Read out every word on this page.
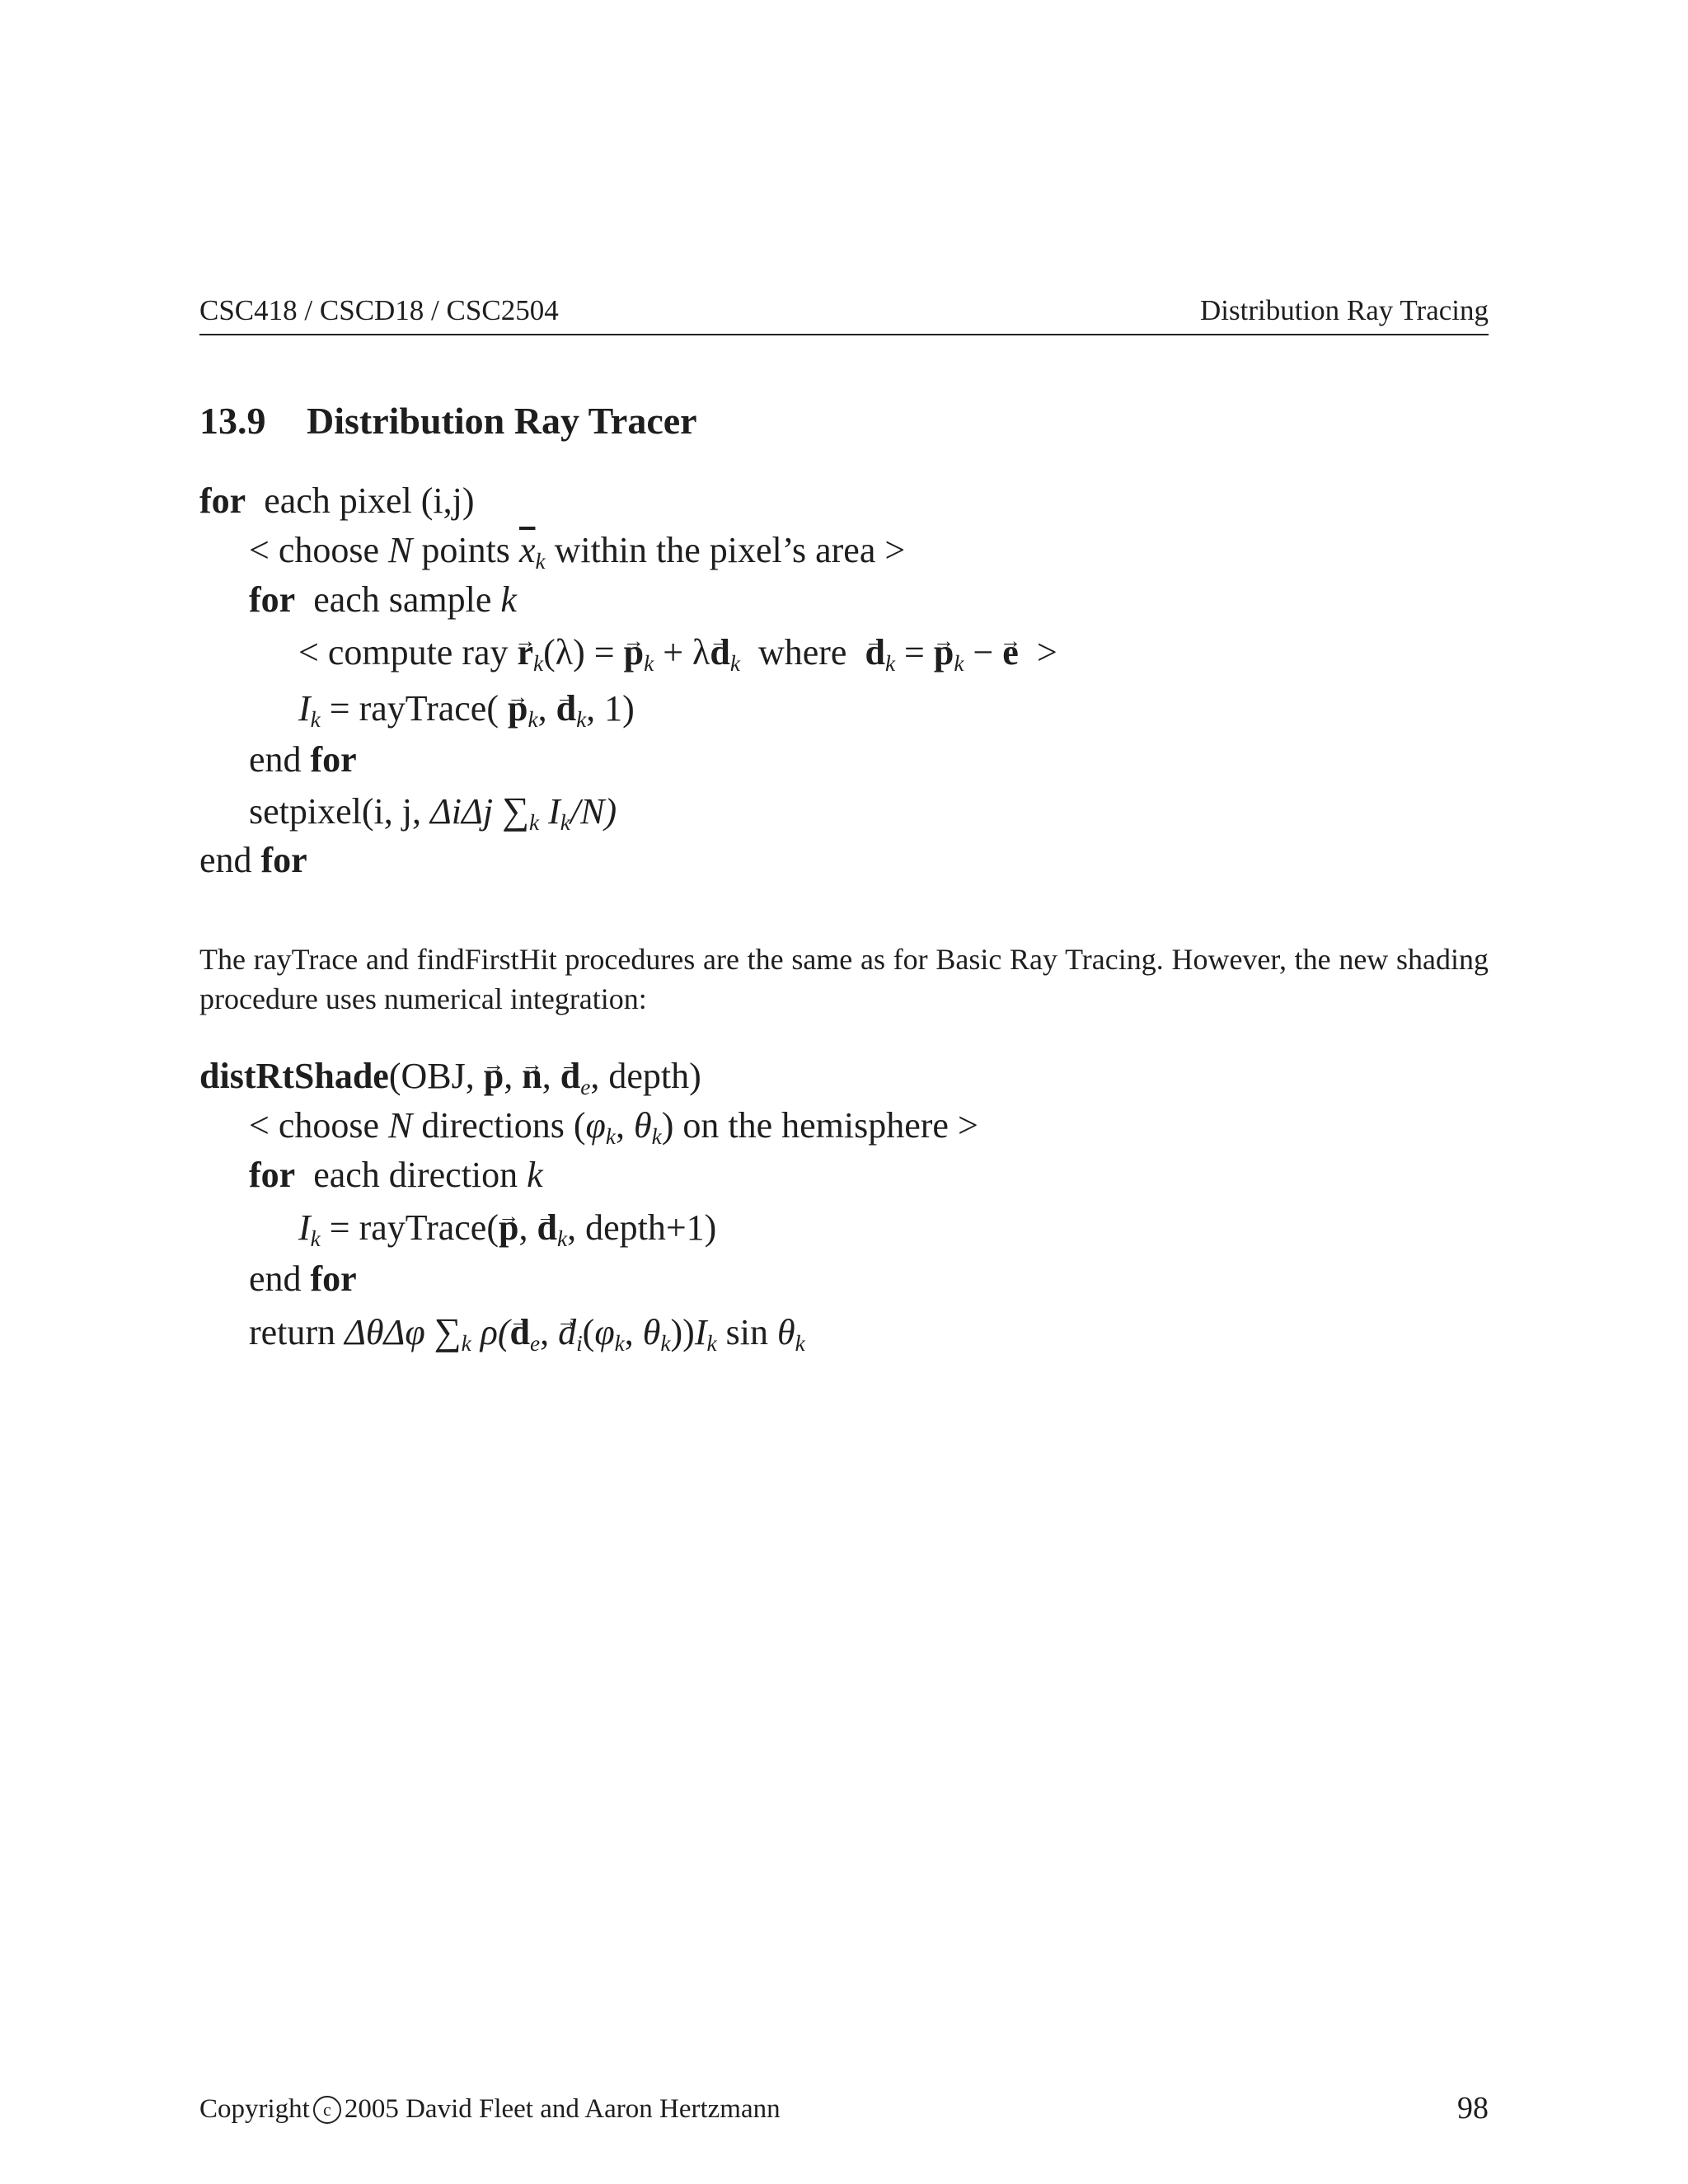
CSC418 / CSCD18 / CSC2504	Distribution Ray Tracing
13.9 Distribution Ray Tracer
for each pixel (i,j)
< choose N points $\overline{x}_k$ within the pixel’s area >
for each sample k
< compute ray → $r_k(\lambda)$ = → $p_k + \lambda\to d_k$  where  → $d_k$ = → $p_k$ − → e  >
$I_k$ = rayTrace( → $p_k$, → $d_k$, 1)
end for
setpixel(i, j, ΔiΔj $\sum_k$ $I_k/N$)
end for
The rayTrace and findFirstHit procedures are the same as for Basic Ray Tracing. However, the new shading procedure uses numerical integration:
distRtShade(OBJ, → p, → n, → $d_e$, depth)
< choose N directions ($\varphi_k$, $\theta_k$) on the hemisphere >
for each direction k
$I_k$ = rayTrace(→ p, → $d_k$, depth+1)
end for
return ΔθΔφ $\sum_k$ $\rho(\to d_e$, → $d_i(\varphi_k$, $\theta_k))I_k$ $\sin \theta_k$
Copyright c 2005 David Fleet and Aaron Hertzmann	98
